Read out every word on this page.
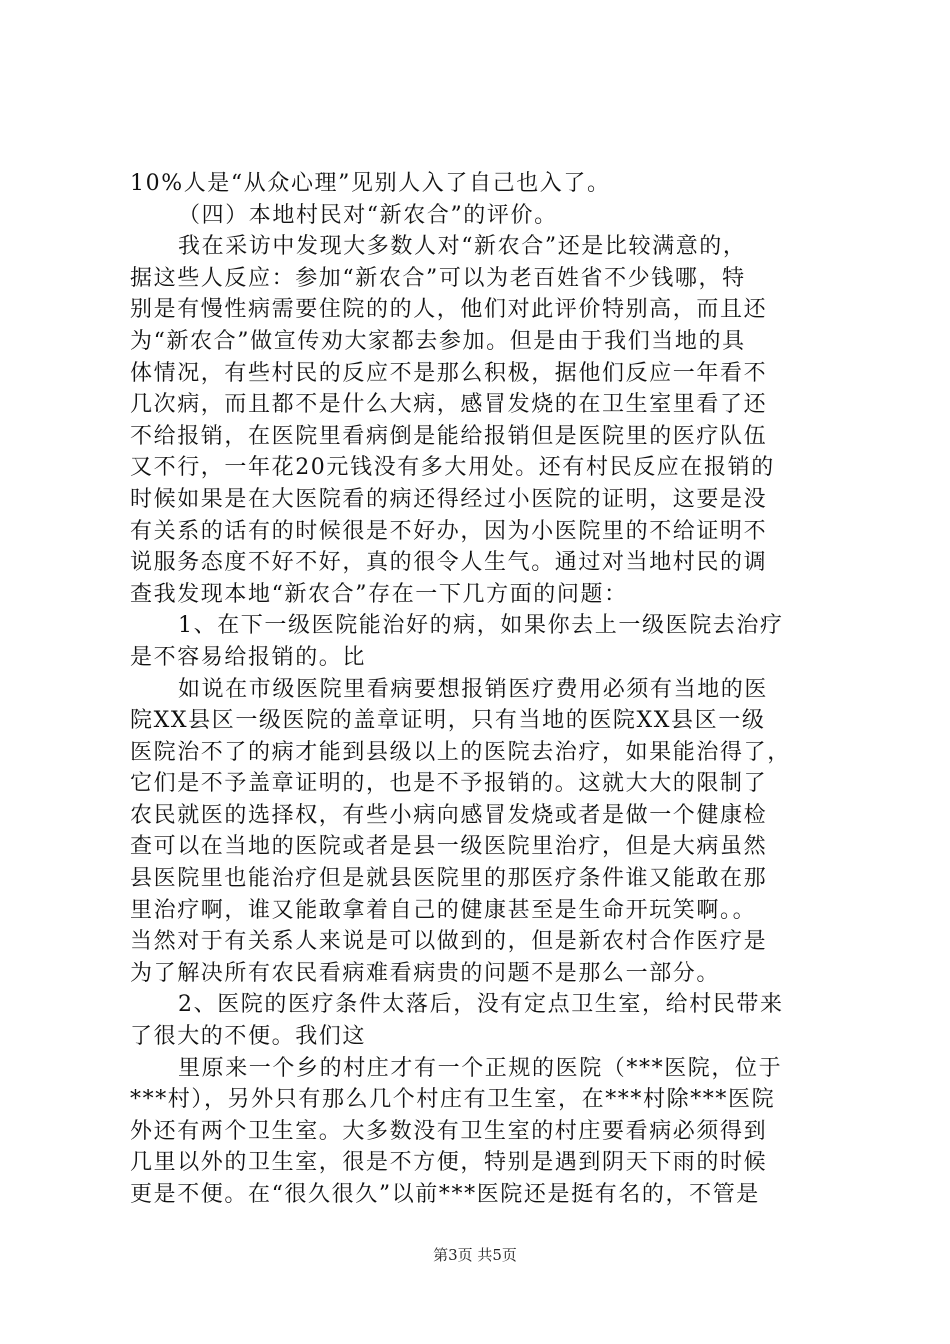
10%人是“从众心理”见别人入了自己也入了。
（四）本地村民对“新农合”的评价。
我在采访中发现大多数人对“新农合”还是比较满意的，
据这些人反应：参加“新农合”可以为老百姓省不少钱哪，特
别是有慢性病需要住院的的人，他们对此评价特别高，而且还
为“新农合”做宣传劝大家都去参加。但是由于我们当地的具
体情况，有些村民的反应不是那么积极，据他们反应一年看不
几次病，而且都不是什么大病，感冒发烧的在卫生室里看了还
不给报销，在医院里看病倒是能给报销但是医院里的医疗队伍
又不行，一年花20元钱没有多大用处。还有村民反应在报销的
时候如果是在大医院看的病还得经过小医院的证明，这要是没
有关系的话有的时候很是不好办，因为小医院里的不给证明不
说服务态度不好不好，真的很令人生气。通过对当地村民的调
查我发现本地“新农合”存在一下几方面的问题：
1、在下一级医院能治好的病，如果你去上一级医院去治疗
是不容易给报销的。比
如说在市级医院里看病要想报销医疗费用必须有当地的医
院XX县区一级医院的盖章证明，只有当地的医院XX县区一级
医院治不了的病才能到县级以上的医院去治疗，如果能治得了，
它们是不予盖章证明的，也是不予报销的。这就大大的限制了
农民就医的选择权，有些小病向感冒发烧或者是做一个健康检
查可以在当地的医院或者是县一级医院里治疗，但是大病虽然
县医院里也能治疗但是就县医院里的那医疗条件谁又能敢在那
里治疗啊，谁又能敢拿着自己的健康甚至是生命开玩笑啊。。
当然对于有关系人来说是可以做到的，但是新农村合作医疗是
为了解决所有农民看病难看病贵的问题不是那么一部分。
2、医院的医疗条件太落后，没有定点卫生室，给村民带来
了很大的不便。我们这
里原来一个乡的村庄才有一个正规的医院（***医院，位于
***村），另外只有那么几个村庄有卫生室，在***村除***医院
外还有两个卫生室。大多数没有卫生室的村庄要看病必须得到
几里以外的卫生室，很是不方便，特别是遇到阴天下雨的时候
更是不便。在“很久很久”以前***医院还是挺有名的，不管是
第3页 共5页
